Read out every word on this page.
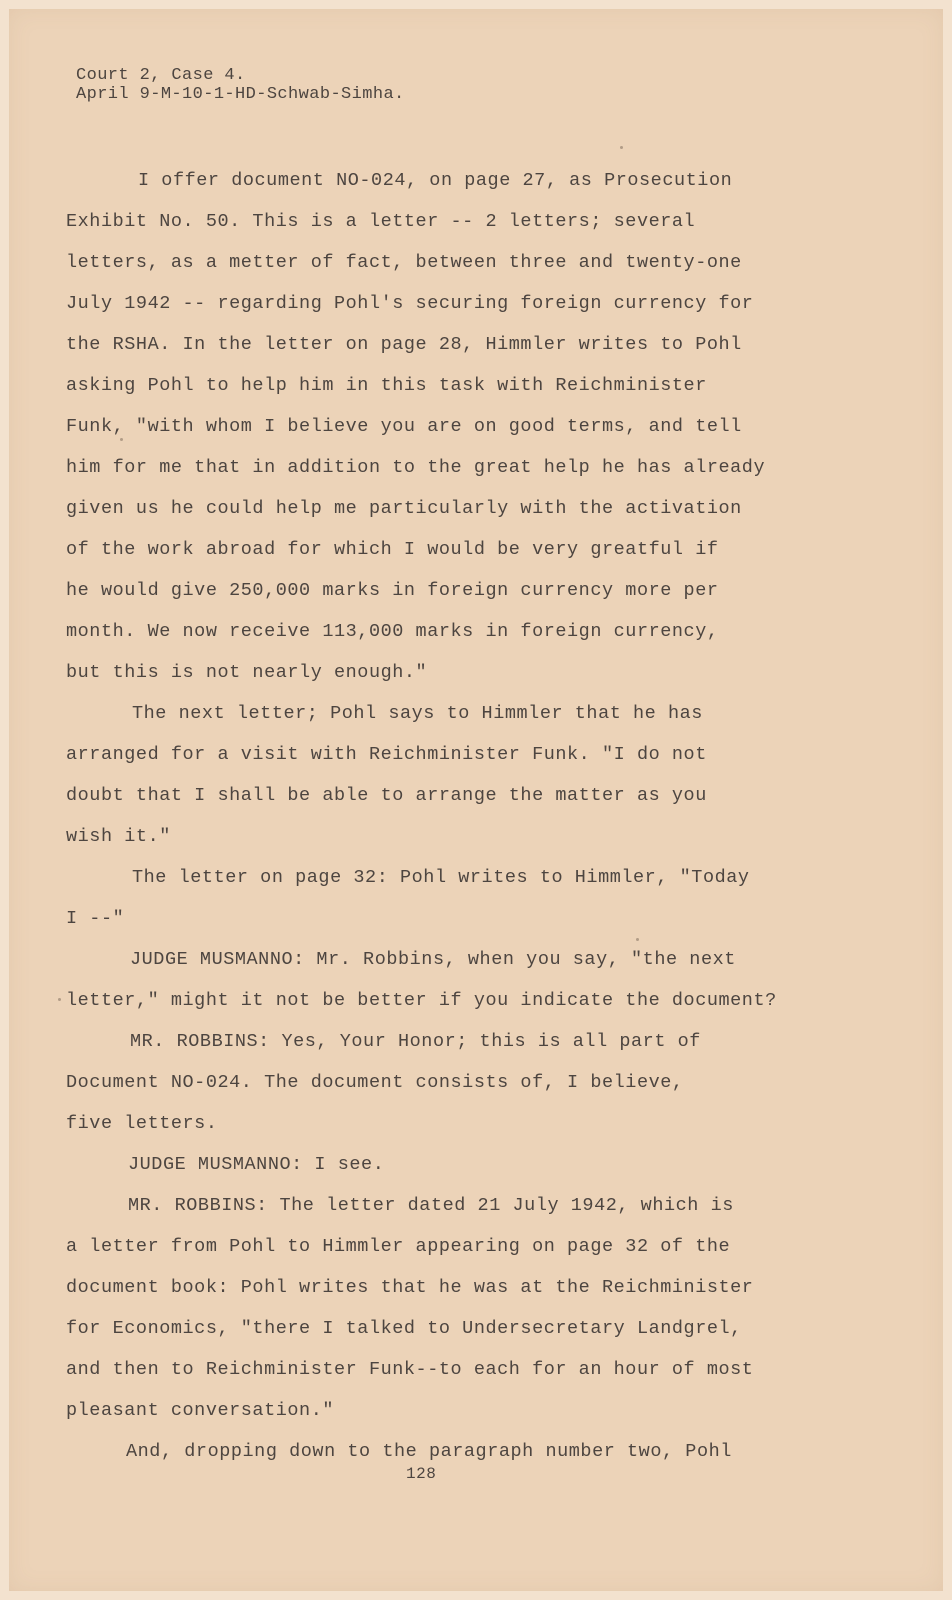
Court 2, Case 4.
April 9-M-10-1-HD-Schwab-Simha.
I offer document NO-024, on page 27, as Prosecution
Exhibit No. 50. This is a letter -- 2 letters; several
letters, as a metter of fact, between three and twenty-one
July 1942 -- regarding Pohl's securing foreign currency for
the RSHA. In the letter on page 28, Himmler writes to Pohl
asking Pohl to help him in this task with Reichminister
Funk, "with whom I believe you are on good terms, and tell
him for me that in addition to the great help he has already
given us he could help me particularly with the activation
of the work abroad for which I would be very greatful if
he would give 250,000 marks in foreign currency more per
month. We now receive 113,000 marks in foreign currency,
but this is not nearly enough."
The next letter; Pohl says to Himmler that he has
arranged for a visit with Reichminister Funk. "I do not
doubt that I shall be able to arrange the matter as you
wish it."
The letter on page 32: Pohl writes to Himmler, "Today
I --"
JUDGE MUSMANNO: Mr. Robbins, when you say, "the next
letter," might it not be better if you indicate the document?
MR. ROBBINS: Yes, Your Honor; this is all part of
Document NO-024. The document consists of, I believe,
five letters.
JUDGE MUSMANNO: I see.
MR. ROBBINS: The letter dated 21 July 1942, which is
a letter from Pohl to Himmler appearing on page 32 of the
document book: Pohl writes that he was at the Reichminister
for Economics, "there I talked to Undersecretary Landgrel,
and then to Reichminister Funk--to each for an hour of most
pleasant conversation."
And, dropping down to the paragraph number two, Pohl
128
